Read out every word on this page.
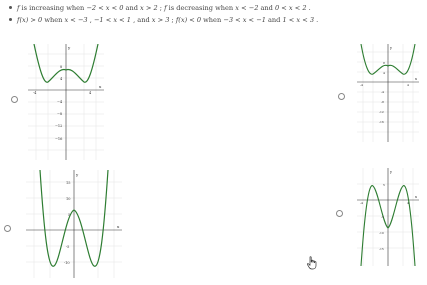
f is increasing when −2 < x < 0 and x > 2 ; f is decreasing when x < −2 and 0 < x < 2 .
f(x) > 0 when x < −3 , −1 < x < 1 , and x > 3 ; f(x) < 0 when −3 < x < −1 and 1 < x < 3 .
y
x
8
4
−4
−8
−12
−16
-4	4
y
x
8
4
-4
-8
-12
-16
-4	4
y
x
15
10
5
-5
-10
y
x
5
-5
-10
-15
-4	4
